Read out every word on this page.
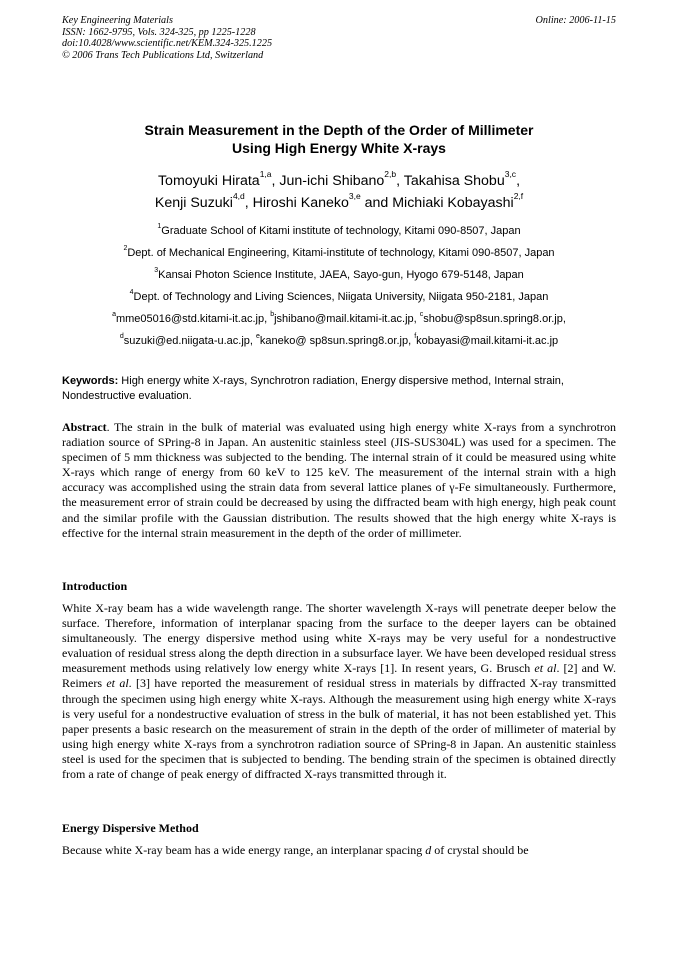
Key Engineering Materials
ISSN: 1662-9795, Vols. 324-325, pp 1225-1228
doi:10.4028/www.scientific.net/KEM.324-325.1225
© 2006 Trans Tech Publications Ltd, Switzerland
Online: 2006-11-15
Strain Measurement in the Depth of the Order of Millimeter
Using High Energy White X-rays
Tomoyuki Hirata$^{1,a}$, Jun-ichi Shibano$^{2,b}$, Takahisa Shobu$^{3,c}$,
Kenji Suzuki$^{4,d}$, Hiroshi Kaneko$^{3,e}$ and Michiaki Kobayashi$^{2,f}$
$^1$Graduate School of Kitami institute of technology, Kitami 090-8507, Japan
$^2$Dept. of Mechanical Engineering, Kitami-institute of technology, Kitami 090-8507, Japan
$^3$Kansai Photon Science Institute, JAEA, Sayo-gun, Hyogo 679-5148, Japan
$^4$Dept. of Technology and Living Sciences, Niigata University, Niigata 950-2181, Japan
$^a$mme05016@std.kitami-it.ac.jp, $^b$jshibano@mail.kitami-it.ac.jp, $^c$shobu@sp8sun.spring8.or.jp,
$^d$suzuki@ed.niigata-u.ac.jp, $^e$kaneko@ sp8sun.spring8.or.jp, $^f$kobayasi@mail.kitami-it.ac.jp
Keywords: High energy white X-rays, Synchrotron radiation, Energy dispersive method, Internal strain, Nondestructive evaluation.
Abstract. The strain in the bulk of material was evaluated using high energy white X-rays from a synchrotron radiation source of SPring-8 in Japan. An austenitic stainless steel (JIS-SUS304L) was used for a specimen. The specimen of 5 mm thickness was subjected to the bending. The internal strain of it could be measured using white X-rays which range of energy from 60 keV to 125 keV. The measurement of the internal strain with a high accuracy was accomplished using the strain data from several lattice planes of γ-Fe simultaneously. Furthermore, the measurement error of strain could be decreased by using the diffracted beam with high energy, high peak count and the similar profile with the Gaussian distribution. The results showed that the high energy white X-rays is effective for the internal strain measurement in the depth of the order of millimeter.
Introduction
White X-ray beam has a wide wavelength range. The shorter wavelength X-rays will penetrate deeper below the surface. Therefore, information of interplanar spacing from the surface to the deeper layers can be obtained simultaneously. The energy dispersive method using white X-rays may be very useful for a nondestructive evaluation of residual stress along the depth direction in a subsurface layer. We have been developed residual stress measurement methods using relatively low energy white X-rays [1]. In resent years, G. Brusch et al. [2] and W. Reimers et al. [3] have reported the measurement of residual stress in materials by diffracted X-ray transmitted through the specimen using high energy white X-rays. Although the measurement using high energy white X-rays is very useful for a nondestructive evaluation of stress in the bulk of material, it has not been established yet. This paper presents a basic research on the measurement of strain in the depth of the order of millimeter of material by using high energy white X-rays from a synchrotron radiation source of SPring-8 in Japan. An austenitic stainless steel is used for the specimen that is subjected to bending. The bending strain of the specimen is obtained directly from a rate of change of peak energy of diffracted X-rays transmitted through it.
Energy Dispersive Method
Because white X-ray beam has a wide energy range, an interplanar spacing d of crystal should be
